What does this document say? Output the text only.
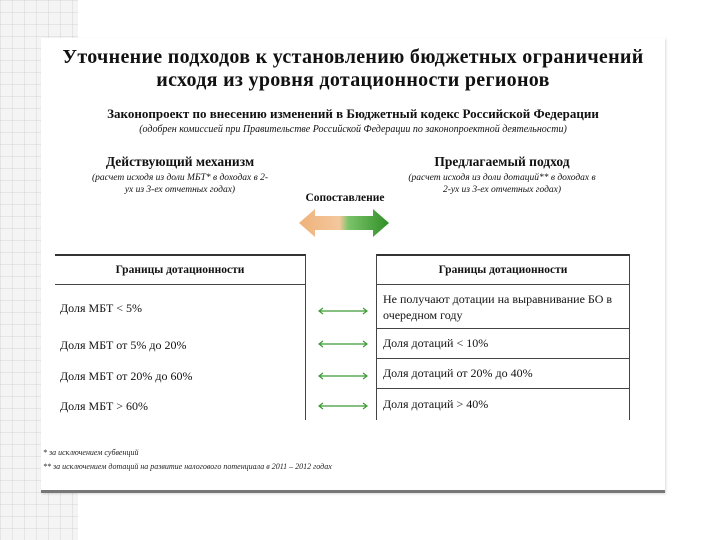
Уточнение подходов к установлению бюджетных ограничений
исходя из уровня дотационности регионов
Законопроект по внесению изменений в Бюджетный кодекс Российской Федерации
(одобрен комиссией при Правительстве Российской Федерации по законопроектной деятельности)
Действующий механизм
(расчет исходя из доли МБТ* в доходах в 2-
ух из 3-ех отчетных годах)
Предлагаемый подход
(расчет исходя из доли дотаций** в доходах в
2-ух из 3-ех отчетных годах)
Сопоставление
Границы дотационности
Доля МБТ < 5%
Доля МБТ от 5% до 20%
Доля МБТ от 20% до 60%
Доля МБТ > 60%
Границы дотационности
Не получают дотации на выравнивание БО в очередном году
Доля дотаций < 10%
Доля дотаций от 20% до 40%
Доля дотаций > 40%
* за исключением субвенций
** за исключением дотаций на развитие налогового потенциала в 2011 – 2012 годах
